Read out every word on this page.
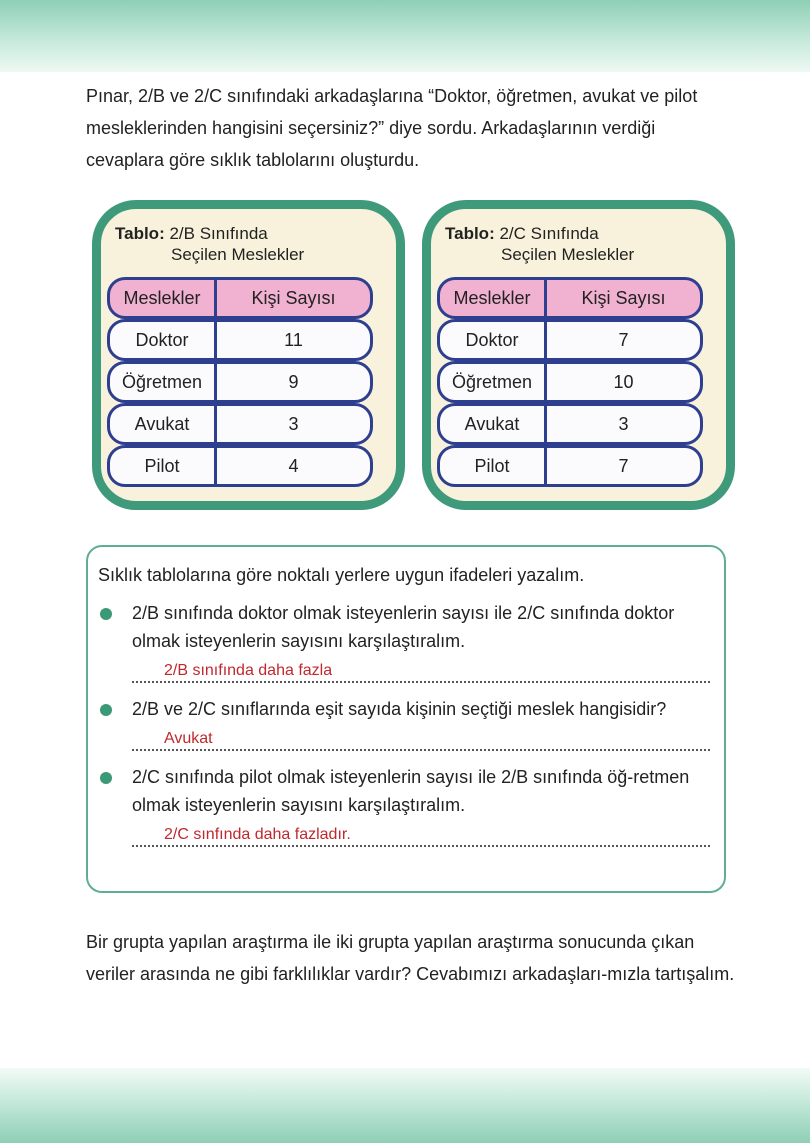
Pınar, 2/B ve 2/C sınıfındaki arkadaşlarına “Doktor, öğretmen, avukat ve pilot mesleklerinden hangisini seçersiniz?” diye sordu. Arkadaşlarının verdiği cevaplara göre sıklık tablolarını oluşturdu.
Tablo: 2/B Sınıfında
Seçilen Meslekler
Meslekler	Kişi Sayısı
Doktor	11
Öğretmen	9
Avukat	3
Pilot	4
Tablo: 2/C Sınıfında
Seçilen Meslekler
Meslekler	Kişi Sayısı
Doktor	7
Öğretmen	10
Avukat	3
Pilot	7
Sıklık tablolarına göre noktalı yerlere uygun ifadeleri yazalım.
2/B sınıfında doktor olmak isteyenlerin sayısı ile 2/C sınıfında doktor olmak isteyenlerin sayısını karşılaştıralım.
2/B sınıfında daha fazla
2/B ve 2/C sınıflarında eşit sayıda kişinin seçtiği meslek hangisidir?
Avukat
2/C sınıfında pilot olmak isteyenlerin sayısı ile 2/B sınıfında öğ-retmen olmak isteyenlerin sayısını karşılaştıralım.
2/C sınfında daha fazladır.
Bir grupta yapılan araştırma ile iki grupta yapılan araştırma sonucunda çıkan veriler arasında ne gibi farklılıklar vardır? Cevabımızı arkadaşları-mızla tartışalım.
